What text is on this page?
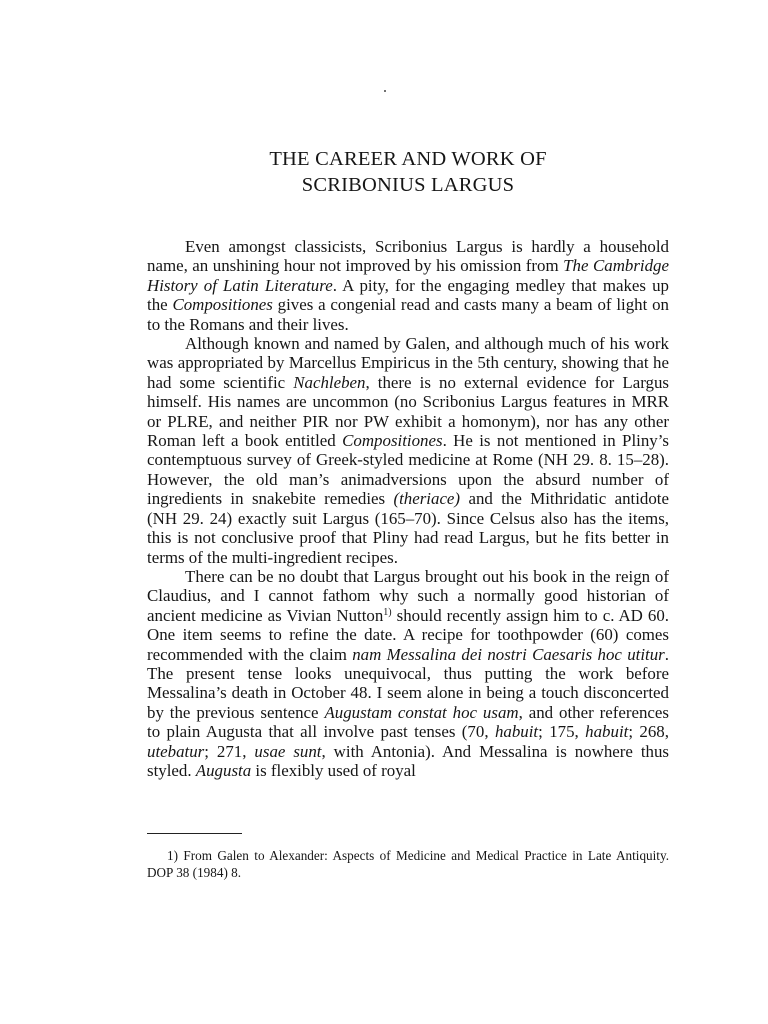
THE CAREER AND WORK OF
SCRIBONIUS LARGUS

Even amongst classicists, Scribonius Largus is hardly a household name, an unshining hour not improved by his omission from The Cambridge History of Latin Literature. A pity, for the engaging medley that makes up the Compositiones gives a congenial read and casts many a beam of light on to the Romans and their lives.

Although known and named by Galen, and although much of his work was appropriated by Marcellus Empiricus in the 5th century, showing that he had some scientific Nachleben, there is no external evidence for Largus himself. His names are uncommon (no Scribonius Largus features in MRR or PLRE, and neither PIR nor PW exhibit a homonym), nor has any other Roman left a book entitled Compositiones. He is not mentioned in Pliny’s contemptuous survey of Greek-styled medicine at Rome (NH 29. 8. 15–28). However, the old man’s animadversions upon the absurd number of ingredients in snakebite remedies (theriace) and the Mithridatic antidote (NH 29. 24) exactly suit Largus (165–70). Since Celsus also has the items, this is not conclusive proof that Pliny had read Largus, but he fits better in terms of the multi-ingredient recipes.

There can be no doubt that Largus brought out his book in the reign of Claudius, and I cannot fathom why such a normally good historian of ancient medicine as Vivian Nutton$^{1)}$ should recently assign him to c. AD 60. One item seems to refine the date. A recipe for toothpowder (60) comes recommended with the claim nam Messalina dei nostri Caesaris hoc utitur. The present tense looks unequivocal, thus putting the work before Messalina’s death in October 48. I seem alone in being a touch disconcerted by the previous sentence Augustam constat hoc usam, and other references to plain Augusta that all involve past tenses (70, habuit; 175, habuit; 268, utebatur; 271, usae sunt, with Antonia). And Messalina is nowhere thus styled. Augusta is flexibly used of royal

1) From Galen to Alexander: Aspects of Medicine and Medical Practice in Late Antiquity. DOP 38 (1984) 8.
